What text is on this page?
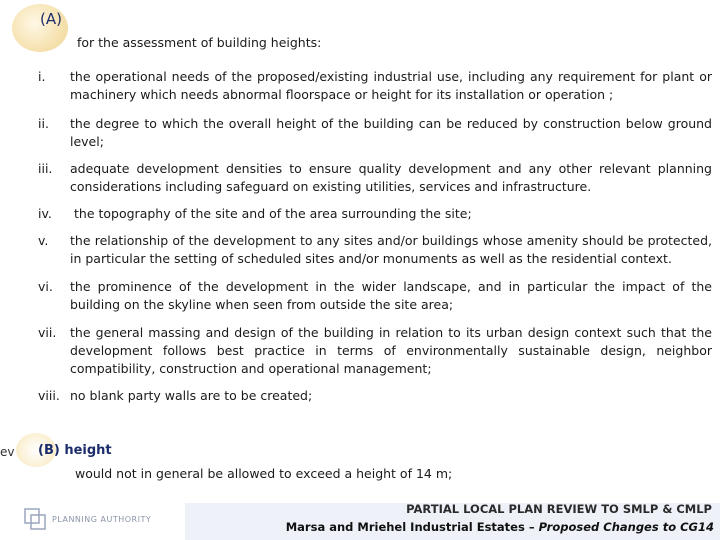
(A)
for the assessment of building heights:
i. the operational needs of the proposed/existing industrial use, including any requirement for plant or machinery which needs abnormal floorspace or height for its installation or operation ;
ii. the degree to which the overall height of the building can be reduced by construction below ground level;
iii. adequate development densities to ensure quality development and any other relevant planning considerations including safeguard on existing utilities, services and infrastructure.
iv. the topography of the site and of the area surrounding the site;
v. the relationship of the development to any sites and/or buildings whose amenity should be protected, in particular the setting of scheduled sites and/or monuments as well as the residential context.
vi. the prominence of the development in the wider landscape, and in particular the impact of the building on the skyline when seen from outside the site area;
vii. the general massing and design of the building in relation to its urban design context such that the development follows best practice in terms of environmentally sustainable design, neighbor compatibility, construction and operational management;
viii. no blank party walls are to be created;
ev (B) height
would not in general be allowed to exceed a height of 14 m;
PLANNING AUTHORITY
PARTIAL LOCAL PLAN REVIEW TO SMLP & CMLP
Marsa and Mriehel Industrial Estates – Proposed Changes to CG14
